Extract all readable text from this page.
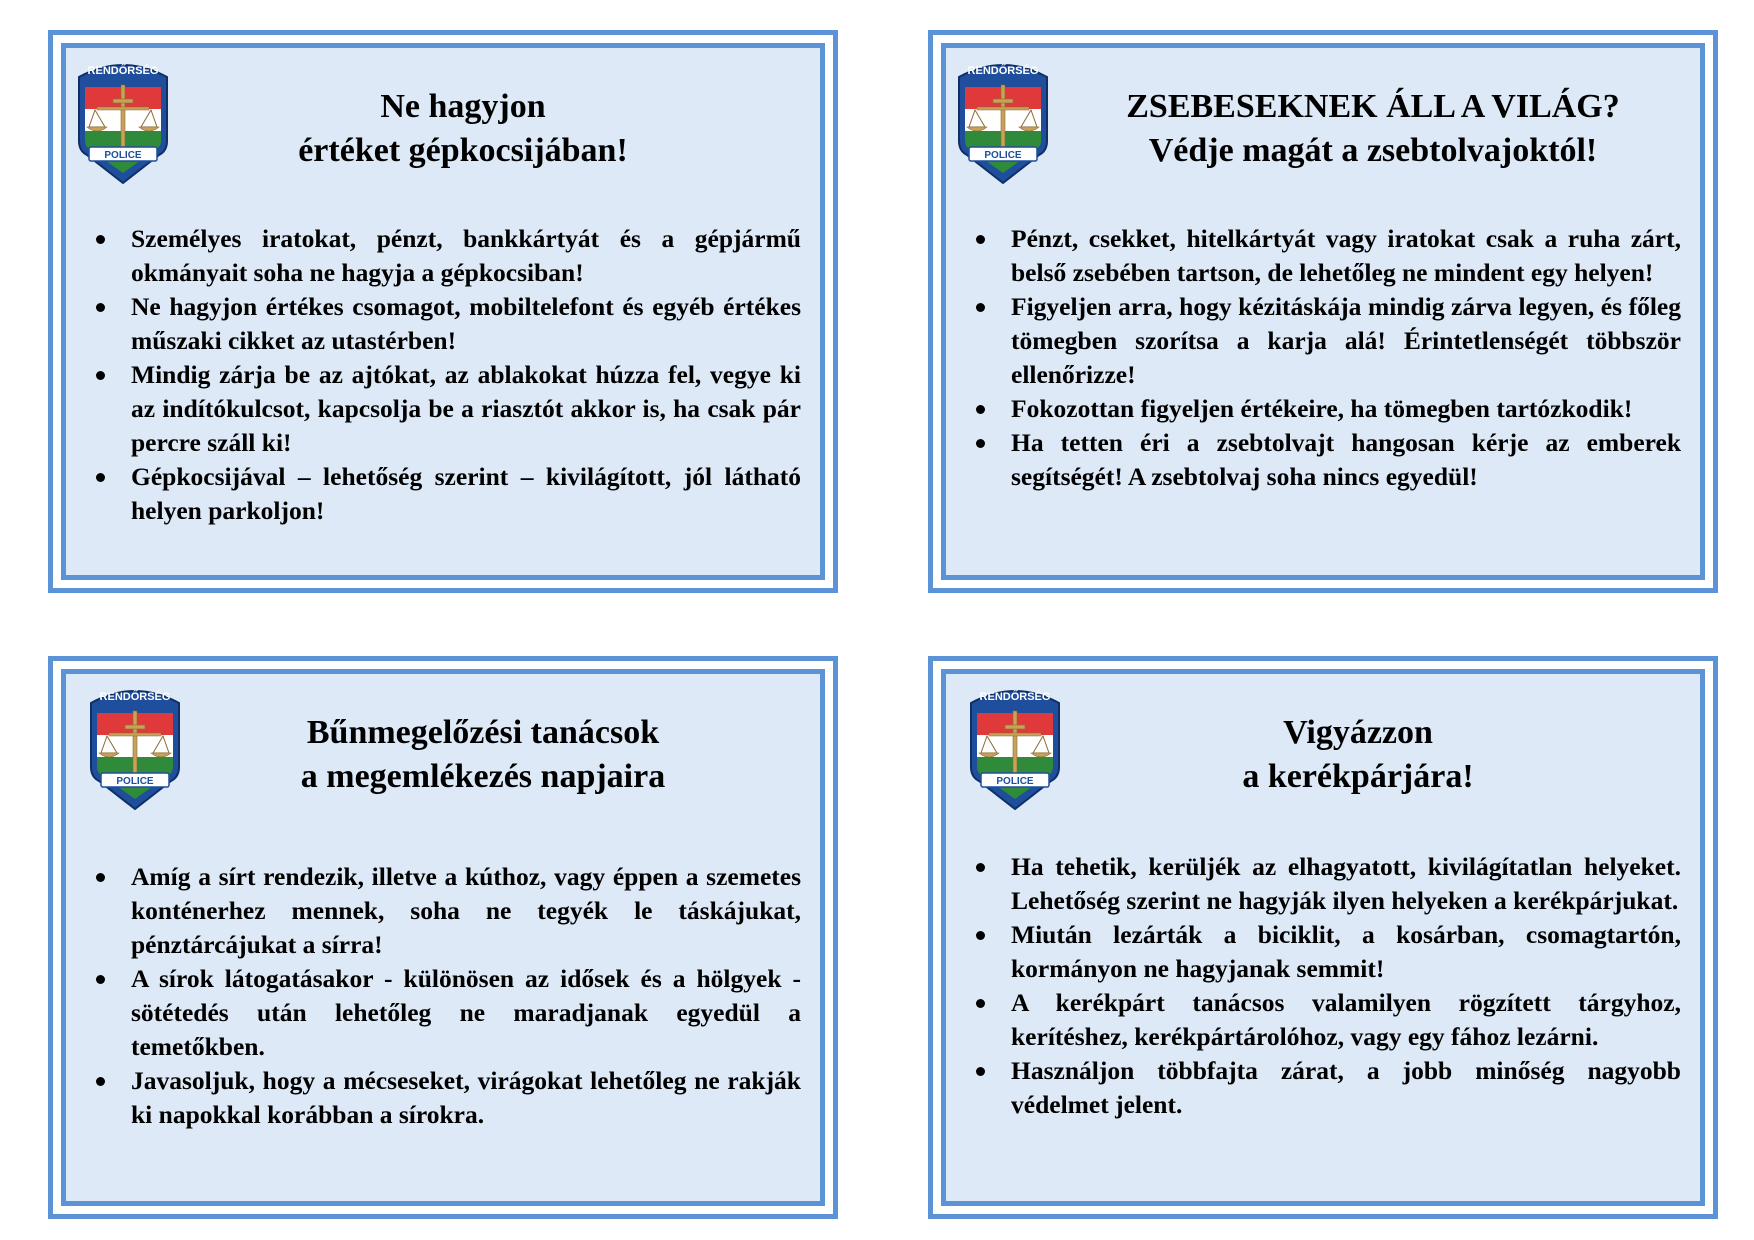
RENDŐRSÉG
POLICE
Ne hagyjon
értéket gépkocsijában!
Személyes iratokat, pénzt, bankkártyát és a gépjármű okmányait soha ne hagyja a gépkocsiban!
Ne hagyjon értékes csomagot, mobiltelefont és egyéb értékes műszaki cikket az utastérben!
Mindig zárja be az ajtókat, az ablakokat húzza fel, vegye ki az indítókulcsot, kapcsolja be a riasztót akkor is, ha csak pár percre száll ki!
Gépkocsijával – lehetőség szerint – kivilágított, jól látható helyen parkoljon!
RENDŐRSÉG
POLICE
ZSEBESEKNEK ÁLL A VILÁG?
Védje magát a zsebtolvajoktól!
Pénzt, csekket, hitelkártyát vagy iratokat csak a ruha zárt, belső zsebében tartson, de lehetőleg ne mindent egy helyen!
Figyeljen arra, hogy kézitáskája mindig zárva legyen, és főleg tömegben szorítsa a karja alá! Érintetlenségét többször ellenőrizze!
Fokozottan figyeljen értékeire, ha tömegben tartózkodik!
Ha tetten éri a zsebtolvajt hangosan kérje az emberek segítségét! A zsebtolvaj soha nincs egyedül!
RENDŐRSÉG
POLICE
Bűnmegelőzési tanácsok
a megemlékezés napjaira
Amíg a sírt rendezik, illetve a kúthoz, vagy éppen a szemetes konténerhez mennek, soha ne tegyék le táskájukat, pénztárcájukat a sírra!
A sírok látogatásakor - különösen az idősek és a hölgyek - sötétedés után lehetőleg ne maradjanak egyedül a temetőkben.
Javasoljuk, hogy a mécseseket, virágokat lehetőleg ne rakják ki napokkal korábban a sírokra.
RENDŐRSÉG
POLICE
Vigyázzon
a kerékpárjára!
Ha tehetik, kerüljék az elhagyatott, kivilágítatlan helyeket. Lehetőség szerint ne hagyják ilyen helyeken a kerékpárjukat.
Miután lezárták a biciklit, a kosárban, csomagtartón, kormányon ne hagyjanak semmit!
A kerékpárt tanácsos valamilyen rögzített tárgyhoz, kerítéshez, kerékpártárolóhoz, vagy egy fához lezárni.
Használjon többfajta zárat, a jobb minőség nagyobb védelmet jelent.
